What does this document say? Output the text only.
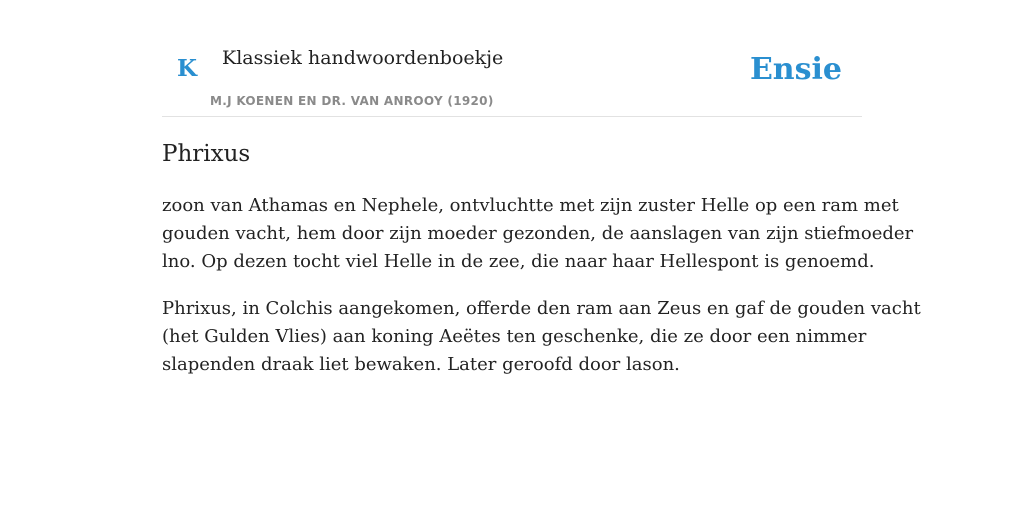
K Klassiek handwoordenboekje
M.J KOENEN EN DR. VAN ANROOY (1920)
Ensie
Phrixus

zoon van Athamas en Nephele, ontvluchtte met zijn zuster Helle op een ram met
gouden vacht, hem door zijn moeder gezonden, de aanslagen van zijn stiefmoeder
lno. Op dezen tocht viel Helle in de zee, die naar haar Hellespont is genoemd.

Phrixus, in Colchis aangekomen, offerde den ram aan Zeus en gaf de gouden vacht
(het Gulden Vlies) aan koning Aeëtes ten geschenke, die ze door een nimmer
slapenden draak liet bewaken. Later geroofd door lason.
